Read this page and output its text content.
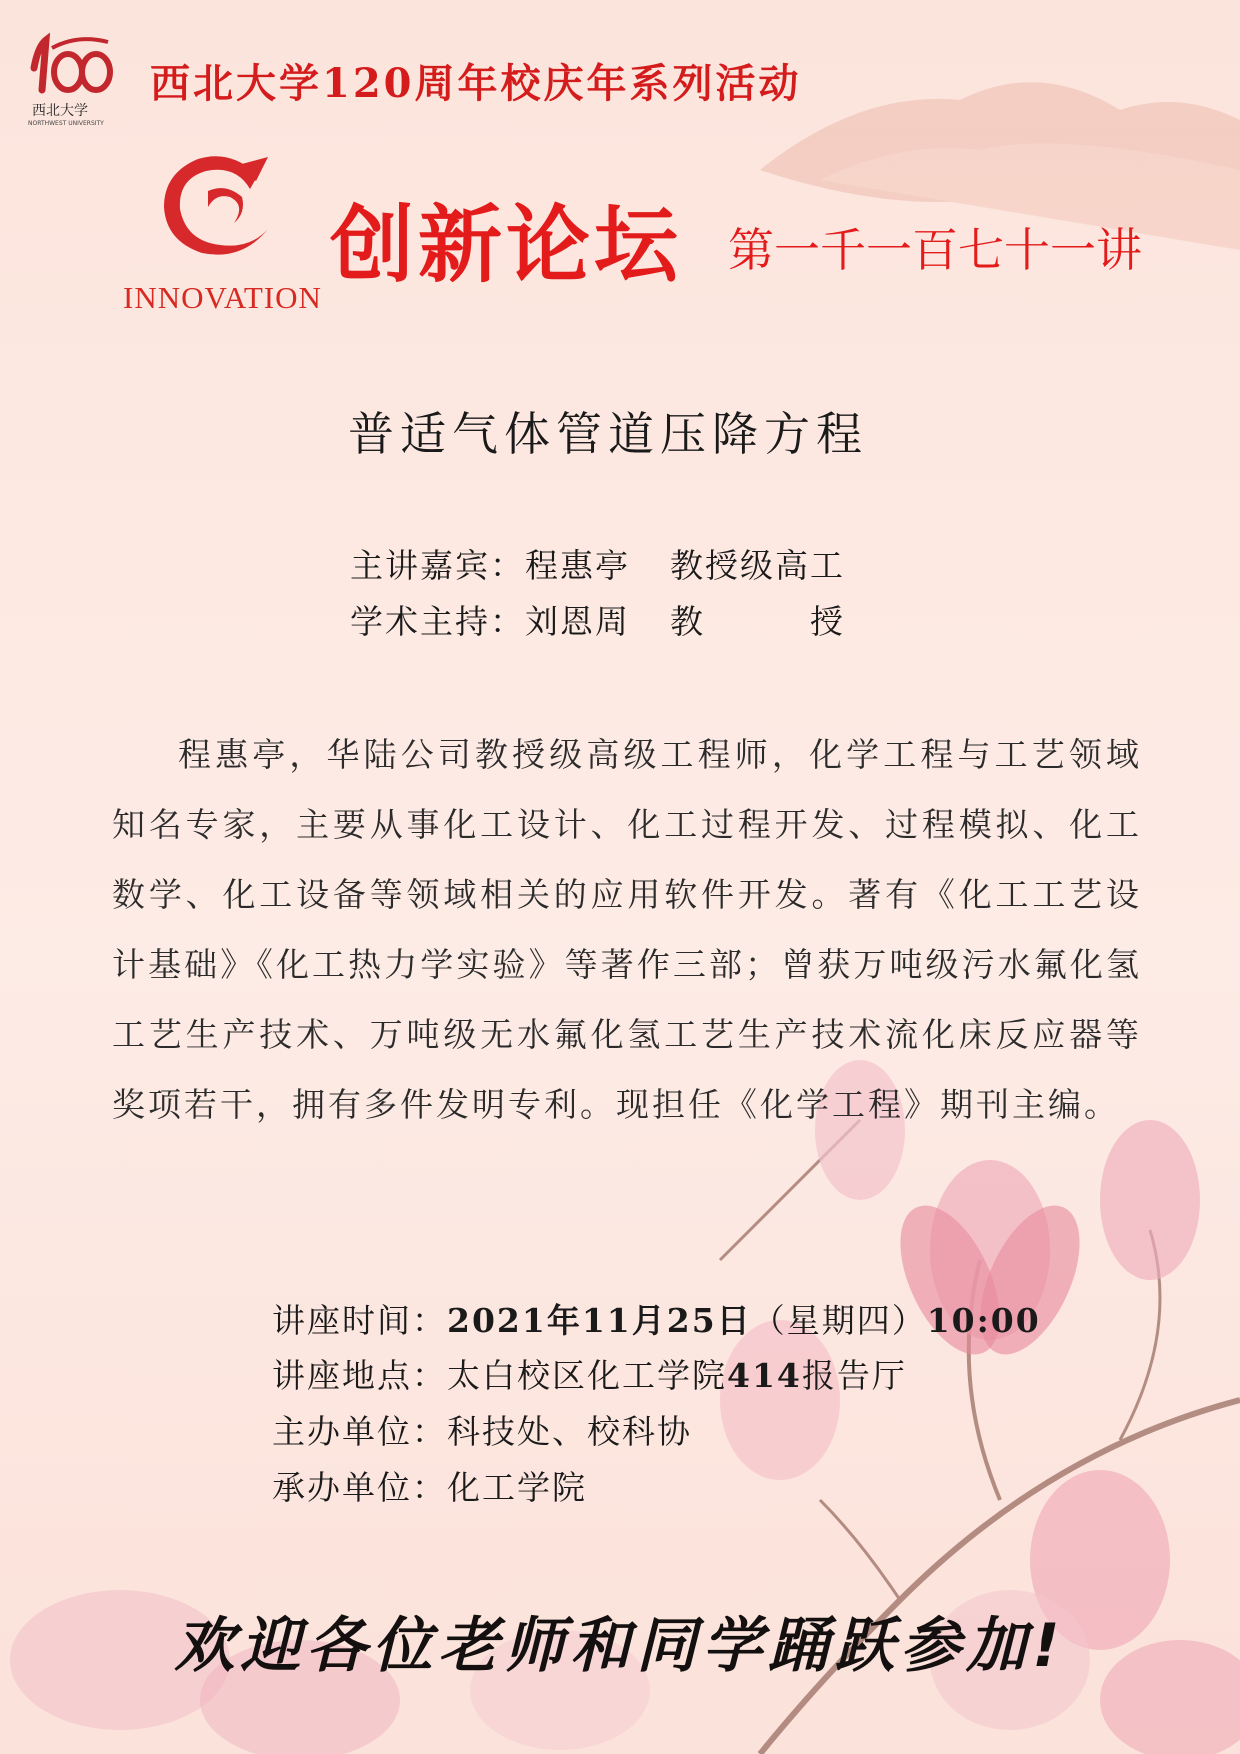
西北大学
NORTHWEST UNIVERSITY
西北大学120周年校庆年系列活动
INNOVATION
创新论坛 第一千一百七十一讲
普适气体管道压降方程
主讲嘉宾：程惠亭 教授级高工
学术主持：刘恩周 教　　　授

程惠亭，华陆公司教授级高级工程师，化学工程与工艺领域知名专家，主要从事化工设计、化工过程开发、过程模拟、化工数学、化工设备等领域相关的应用软件开发。著有《化工工艺设计基础》《化工热力学实验》等著作三部；曾获万吨级污水氟化氢工艺生产技术、万吨级无水氟化氢工艺生产技术流化床反应器等奖项若干，拥有多件发明专利。现担任《化学工程》期刊主编。

讲座时间：2021年11月25日（星期四）10:00
讲座地点：太白校区化工学院414报告厅
主办单位：科技处、校科协
承办单位：化工学院
欢迎各位老师和同学踊跃参加!
